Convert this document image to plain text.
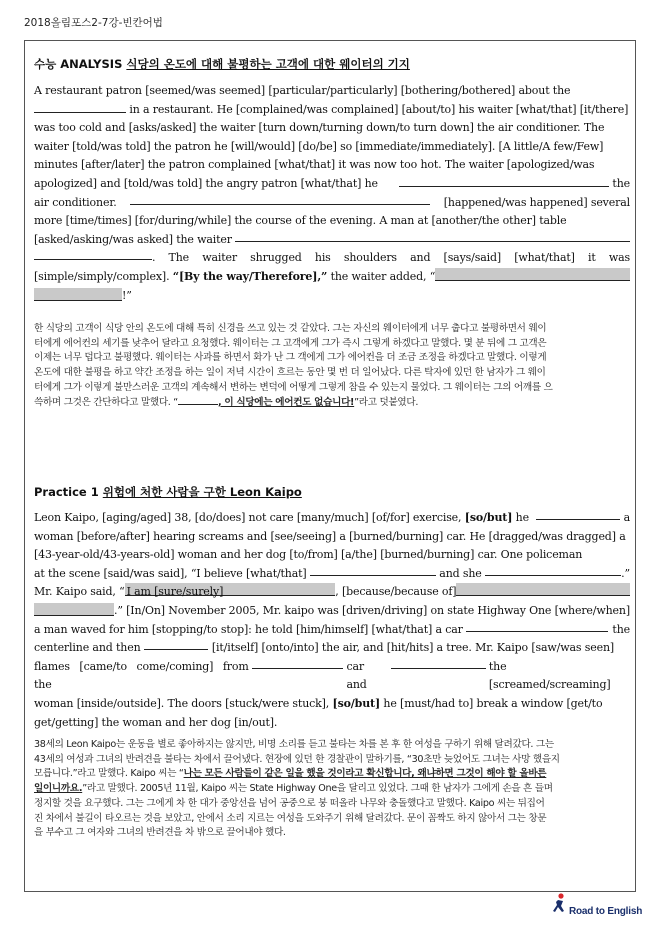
2018올림포스2-7강-빈칸어법
수능 ANALYSIS 식당의 온도에 대해 불평하는 고객에 대한 웨이터의 기지
A restaurant patron [seemed/was seemed] [particular/particularly] [bothering/bothered] about the
in a restaurant. He [complained/was complained] [about/to] his waiter [what/that] [it/there]
was too cold and [asks/asked] the waiter [turn down/turning down/to turn down] the air conditioner. The
waiter [told/was told] the patron he [will/would] [do/be] so [immediate/immediately]. [A little/A few/Few]
minutes [after/later] the patron complained [what/that] it was now too hot. The waiter [apologized/was
apologized] and [told/was told] the angry patron [what/that] he	the
air conditioner.	[happened/was happened] several
more [time/times] [for/during/while] the course of the evening. A man at [another/the other] table
[asked/asking/was asked] the waiter

. The waiter shrugged his shoulders and [says/said] [what/that] it was
[simple/simply/complex].
“[By the way/Therefore],”
the waiter added, “
!”
한 식당의 고객이 식당 안의 온도에 대해 특히 신경을 쓰고 있는 것 같았다. 그는 자신의 웨이터에게 너무 춥다고 불평하면서 웨이
터에게 에어컨의 세기를 낮추어 달라고 요청했다. 웨이터는 그 고객에게 그가 즉시 그렇게 하겠다고 말했다. 몇 분 뒤에 그 고객은
이제는 너무 덥다고 불평했다. 웨이터는 사과를 하면서 화가 난 그 객에게 그가 에어컨을 더 조금 조정을 하겠다고 말했다. 이렇게
온도에 대한 불평을 하고 약간 조정을 하는 일이 저녁 시간이 흐르는 동안 몇 번 더 일어났다. 다른 탁자에 있던 한 남자가 그 웨이
터에게 그가 이렇게 불만스러운 고객의 계속해서 변하는 변덕에 어떻게 그렇게 참을 수 있는지 물었다. 그 웨이터는 그의 어깨를 으
쓱하며 그것은 간단하다고 말했다. “	, 이 식당에는 에어컨도 없습니다!”라고 덧붙였다.
Practice 1 위험에 처한 사람을 구한 Leon Kaipo
Leon Kaipo, [aging/aged] 38, [do/does] not care [many/much] [of/for] exercise,
[so/but]
he
	a
woman [before/after] hearing screams and [see/seeing] a [burned/burning] car. He [dragged/was dragged] a
[43-year-old/43-years-old] woman and her dog [to/from] [a/the] [burned/burning] car. One policeman
at the scene [said/was said], “I believe [what/that]

	and she
	.”
Mr. Kaipo said, “ I am [sure/surely]	, [because/because of]
.” [In/On] November 2005, Mr. kaipo was [driven/driving] on state Highway One [where/when]
a man waved for him [stopping/to stop]: he told [him/himself] [what/that] a car
	the
centerline and then
	[it/itself] [onto/into] the air, and [hit/hits] a tree. Mr. Kaipo [saw/was seen]
flames [came/to come/coming] from the

car and

the [screamed/screaming]
woman [inside/outside]. The doors [stuck/were stuck],
[so/but]
he [must/had to] break a window [get/to
get/getting] the woman and her dog [in/out].
38세의 Leon Kaipo는 운동을 별로 좋아하지는 않지만, 비명 소리를 듣고 불타는 차를 본 후 한 여성을 구하기 위해 달려갔다. 그는
43세의 여성과 그녀의 반려견을 불타는 차에서 끌어냈다. 현장에 있던 한 경찰관이 말하기를, “30초만 늦었어도 그녀는 사망 했을지
모릅니다.”라고 말했다. Kaipo 씨는 “나는 모든 사람들이 같은 일을 했을 것이라고 확신합니다, 왜냐하면 그것이 해야 할 올바른
일이니까요.”라고 말했다. 2005년 11월, Kaipo 씨는 State Highway One을 달리고 있었다. 그때 한 남자가 그에게 손을 흔 들며
정지할 것을 요구했다. 그는 그에게 차 한 대가 중앙선을 넘어 공중으로 붕 떠올라 나무와 충돌했다고 말했다. Kaipo 씨는 뒤집어
진 차에서 불길이 타오르는 것을 보았고, 안에서 소리 지르는 여성을 도와주기 위해 달려갔다. 문이 꼼짝도 하지 않아서 그는 창문
을 부수고 그 여자와 그녀의 반려견을 차 밖으로 끌어내야 했다.
Road to English
